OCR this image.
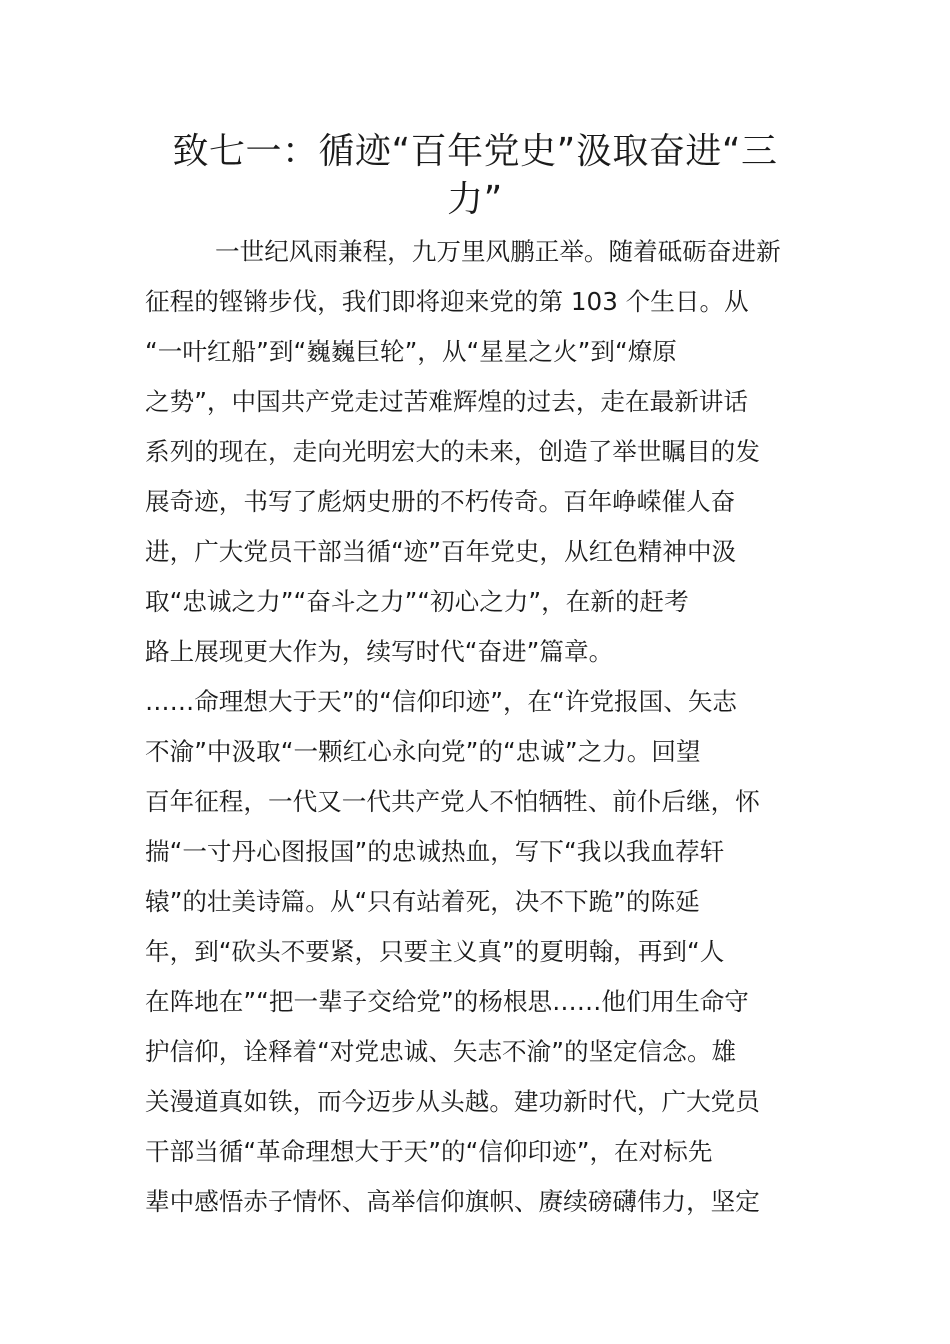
致七一：循迹“百年党史”汲取奋进“三
力”
一世纪风雨兼程，九万里风鹏正举。随着砥砺奋进新
征程的铿锵步伐，我们即将迎来党的第 103 个生日。从
“一叶红船”到“巍巍巨轮”，从“星星之火”到“燎原
之势”，中国共产党走过苦难辉煌的过去，走在最新讲话
系列的现在，走向光明宏大的未来，创造了举世瞩目的发
展奇迹，书写了彪炳史册的不朽传奇。百年峥嵘催人奋
进，广大党员干部当循“迹”百年党史，从红色精神中汲
取“忠诚之力”“奋斗之力”“初心之力”，在新的赶考
路上展现更大作为，续写时代“奋进”篇章。
……命理想大于天”的“信仰印迹”，在“许党报国、矢志
不渝”中汲取“一颗红心永向党”的“忠诚”之力。回望
百年征程，一代又一代共产党人不怕牺牲、前仆后继，怀
揣“一寸丹心图报国”的忠诚热血，写下“我以我血荐轩
辕”的壮美诗篇。从“只有站着死，决不下跪”的陈延
年，到“砍头不要紧，只要主义真”的夏明翰，再到“人
在阵地在”“把一辈子交给党”的杨根思……他们用生命守
护信仰，诠释着“对党忠诚、矢志不渝”的坚定信念。雄
关漫道真如铁，而今迈步从头越。建功新时代，广大党员
干部当循“革命理想大于天”的“信仰印迹”，在对标先
辈中感悟赤子情怀、高举信仰旗帜、赓续磅礴伟力，坚定
